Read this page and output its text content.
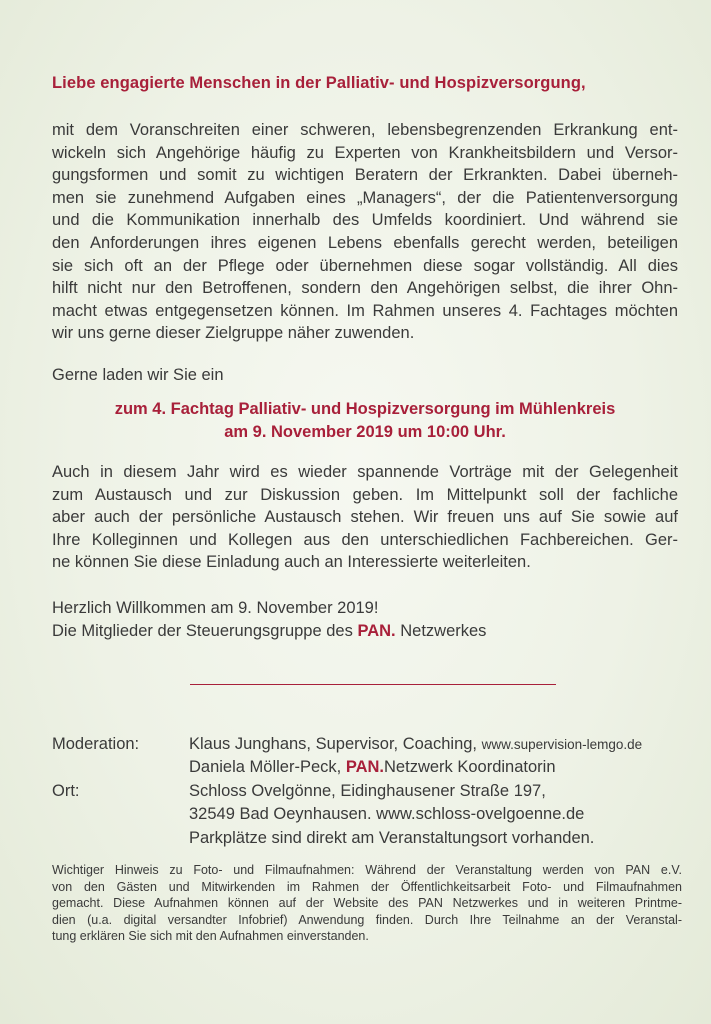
Liebe engagierte Menschen in der Palliativ- und Hospizversorgung,
mit dem Voranschreiten einer schweren, lebensbegrenzenden Erkrankung ent-
wickeln sich Angehörige häufig zu Experten von Krankheitsbildern und Versor-
gungsformen und somit zu wichtigen Beratern der Erkrankten. Dabei überneh-
men sie zunehmend Aufgaben eines „Managers“, der die Patientenversorgung
und die Kommunikation innerhalb des Umfelds koordiniert. Und während sie
den Anforderungen ihres eigenen Lebens ebenfalls gerecht werden, beteiligen
sie sich oft an der Pflege oder übernehmen diese sogar vollständig. All dies
hilft nicht nur den Betroffenen, sondern den Angehörigen selbst, die ihrer Ohn-
macht etwas entgegensetzen können. Im Rahmen unseres 4. Fachtages möchten
wir uns gerne dieser Zielgruppe näher zuwenden.
Gerne laden wir Sie ein
zum 4. Fachtag Palliativ- und Hospizversorgung im Mühlenkreis
am 9. November 2019 um 10:00 Uhr.
Auch in diesem Jahr wird es wieder spannende Vorträge mit der Gelegenheit
zum Austausch und zur Diskussion geben. Im Mittelpunkt soll der fachliche
aber auch der persönliche Austausch stehen. Wir freuen uns auf Sie sowie auf
Ihre Kolleginnen und Kollegen aus den unterschiedlichen Fachbereichen. Ger-
ne können Sie diese Einladung auch an Interessierte weiterleiten.
Herzlich Willkommen am 9. November 2019!
Die Mitglieder der Steuerungsgruppe des PAN. Netzwerkes
Moderation:	Klaus Junghans, Supervisor, Coaching, www.supervision-lemgo.de
Daniela Möller-Peck, PAN.Netzwerk Koordinatorin
Ort:	Schloss Ovelgönne, Eidinghausener Straße 197,
32549 Bad Oeynhausen. www.schloss-ovelgoenne.de
Parkplätze sind direkt am Veranstaltungsort vorhanden.
Wichtiger Hinweis zu Foto- und Filmaufnahmen: Während der Veranstaltung werden von PAN e.V.
von den Gästen und Mitwirkenden im Rahmen der Öffentlichkeitsarbeit Foto- und Filmaufnahmen
gemacht. Diese Aufnahmen können auf der Website des PAN Netzwerkes und in weiteren Printme-
dien (u.a. digital versandter Infobrief) Anwendung finden. Durch Ihre Teilnahme an der Veranstal-
tung erklären Sie sich mit den Aufnahmen einverstanden.
